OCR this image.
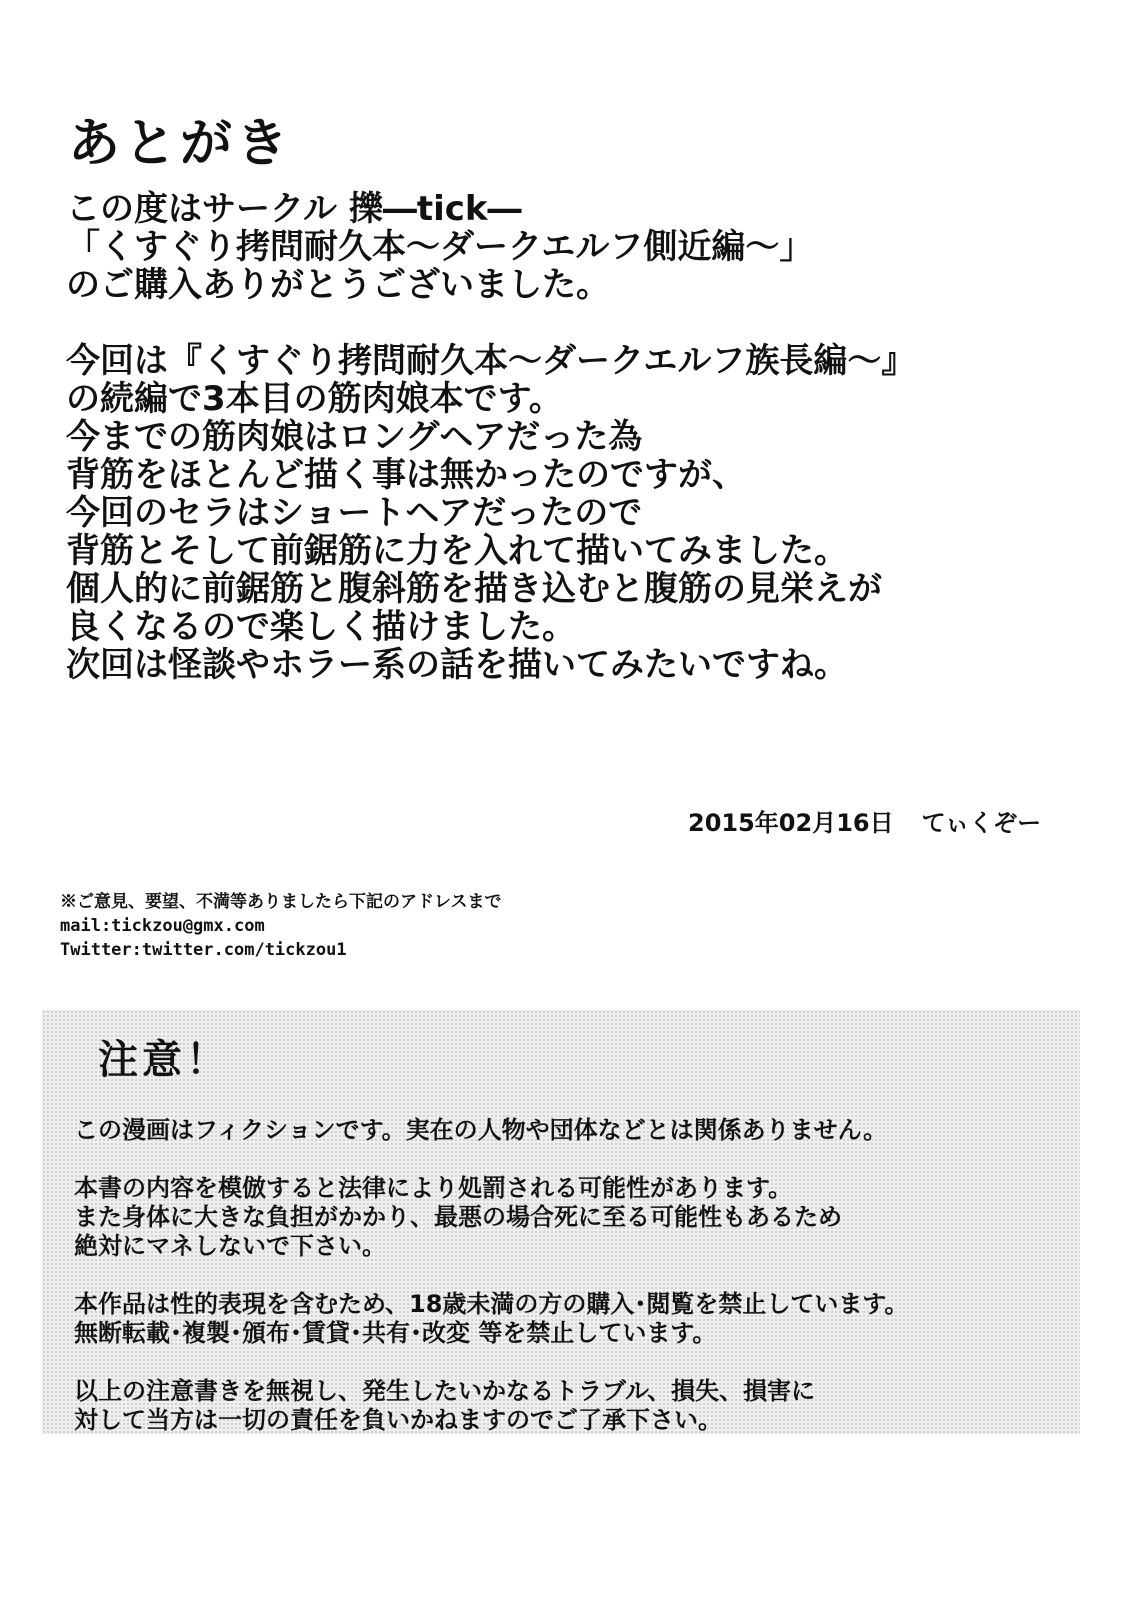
あとがき
この度はサークル 擽―tick―
「くすぐり拷問耐久本～ダークエルフ側近編～」
のご購入ありがとうございました。
今回は『くすぐり拷問耐久本～ダークエルフ族長編～』
の続編で3本目の筋肉娘本です。
今までの筋肉娘はロングヘアだった為
背筋をほとんど描く事は無かったのですが、
今回のセラはショートヘアだったので
背筋とそして前鋸筋に力を入れて描いてみました。
個人的に前鋸筋と腹斜筋を描き込むと腹筋の見栄えが
良くなるので楽しく描けました。
次回は怪談やホラー系の話を描いてみたいですね。
2015年02月16日 てぃくぞー
※ご意見、要望、不満等ありましたら下記のアドレスまで
mail:tickzou@gmx.com
Twitter:twitter.com/tickzou1
注意！
この漫画はフィクションです。実在の人物や団体などとは関係ありません。
本書の内容を模倣すると法律により処罰される可能性があります。
また身体に大きな負担がかかり、最悪の場合死に至る可能性もあるため
絶対にマネしないで下さい。
本作品は性的表現を含むため、18歳未満の方の購入･閲覧を禁止しています。
無断転載･複製･頒布･賃貸･共有･改変 等を禁止しています。
以上の注意書きを無視し、発生したいかなるトラブル、損失、損害に
対して当方は一切の責任を負いかねますのでご了承下さい。
